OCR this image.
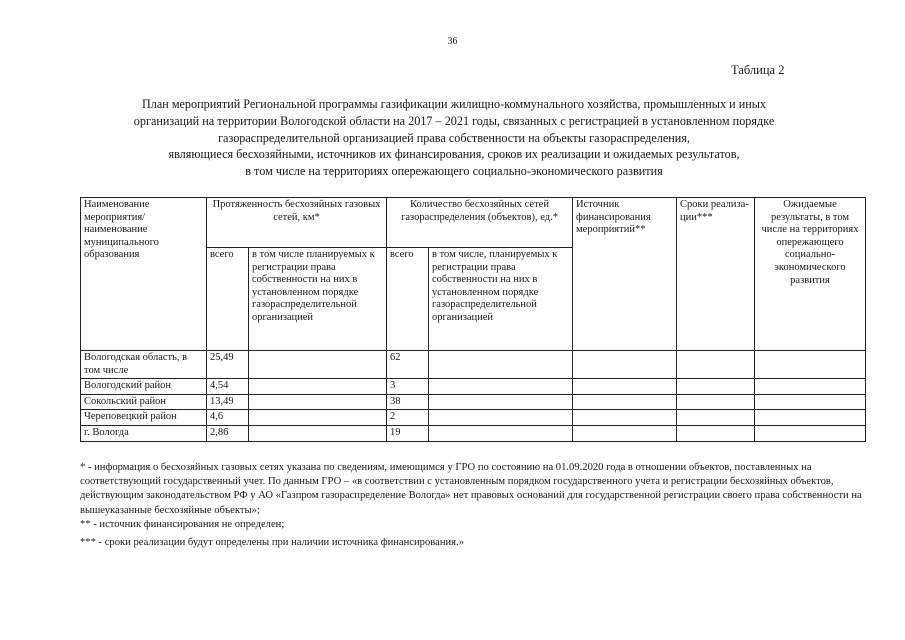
36
Таблица 2
План мероприятий Региональной программы газификации жилищно-коммунального хозяйства, промышленных и иных
организаций на территории Вологодской области на 2017 – 2021 годы, связанных с регистрацией в установленном порядке
газораспределительной организацией права собственности на объекты газораспределения,
являющиеся бесхозяйными, источников их финансирования, сроков их реализации и ожидаемых результатов,
в том числе на территориях опережающего социально-экономического развития
Наименование мероприятия/ наименование муниципального образования	Протяженность бесхозяйных газовых сетей, км*		Количество бесхозяйных сетей газораспределения (объектов), ед.*		Источник финансирования мероприятий**	Сроки реализа-ции***	Ожидаемые результаты, в том числе на территориях опережающего социально-экономического развития
	всего	в том числе планируемых к регистрации права собственности на них в установленном порядке газораспределительной организацией	всего	в том числе, планируемых к регистрации права собственности на них в установленном порядке газораспределительной организацией			
Вологодская область, в том числе	25,49		62				
Вологодский район	4,54		3				
Сокольский район	13,49		38				
Череповецкий район	4,6		2				
г. Вологда	2,86		19				

* - информация о бесхозяйных газовых сетях указана по сведениям, имеющимся у ГРО по состоянию на 01.09.2020 года в отношении объектов, поставленных на соответствующий государственный учет. По данным ГРО – «в соответствии с установленным порядком государственного учета и регистрации бесхозяйных объектов, действующим законодательством РФ у АО «Газпром газораспределение Вологда» нет правовых оснований для государственной регистрации своего права собственности на вышеуказанные бесхозяйные объекты»;

** - источник финансирования не определен;

*** - сроки реализации будут определены при наличии источника финансирования.»
